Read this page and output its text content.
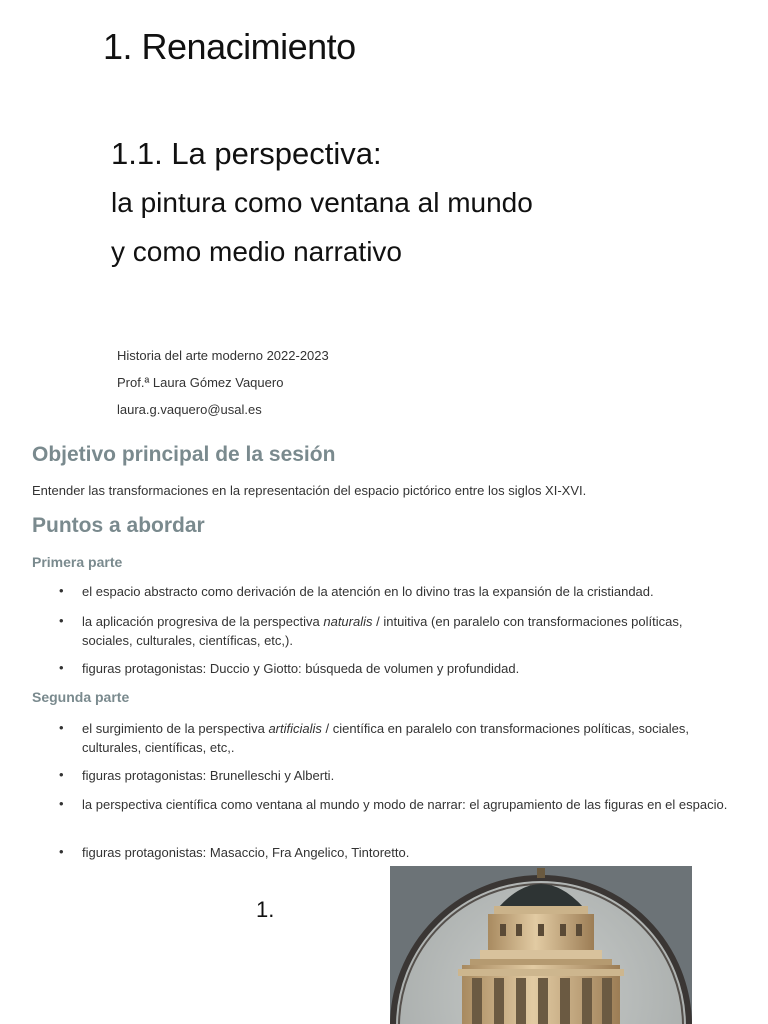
1. Renacimiento
1.1. La perspectiva:
la pintura como ventana al mundo
y como medio narrativo
Historia del arte moderno 2022-2023
Prof.ª Laura Gómez Vaquero
laura.g.vaquero@usal.es
Objetivo principal de la sesión
Entender las transformaciones en la representación del espacio pictórico entre los siglos XI-XVI.
Puntos a abordar
Primera parte
• el espacio abstracto como derivación de la atención en lo divino tras la expansión de la cristiandad.
• la aplicación progresiva de la perspectiva naturalis / intuitiva (en paralelo con transformaciones políticas, sociales, culturales, científicas, etc,).
• figuras protagonistas: Duccio y Giotto: búsqueda de volumen y profundidad.
Segunda parte
• el surgimiento de la perspectiva artificialis / científica en paralelo con transformaciones políticas, sociales, culturales, científicas, etc,.
• figuras protagonistas: Brunelleschi y Alberti.
• la perspectiva científica como ventana al mundo y modo de narrar: el agrupamiento de las figuras en el espacio.
• figuras protagonistas: Masaccio, Fra Angelico, Tintoretto.
1.
